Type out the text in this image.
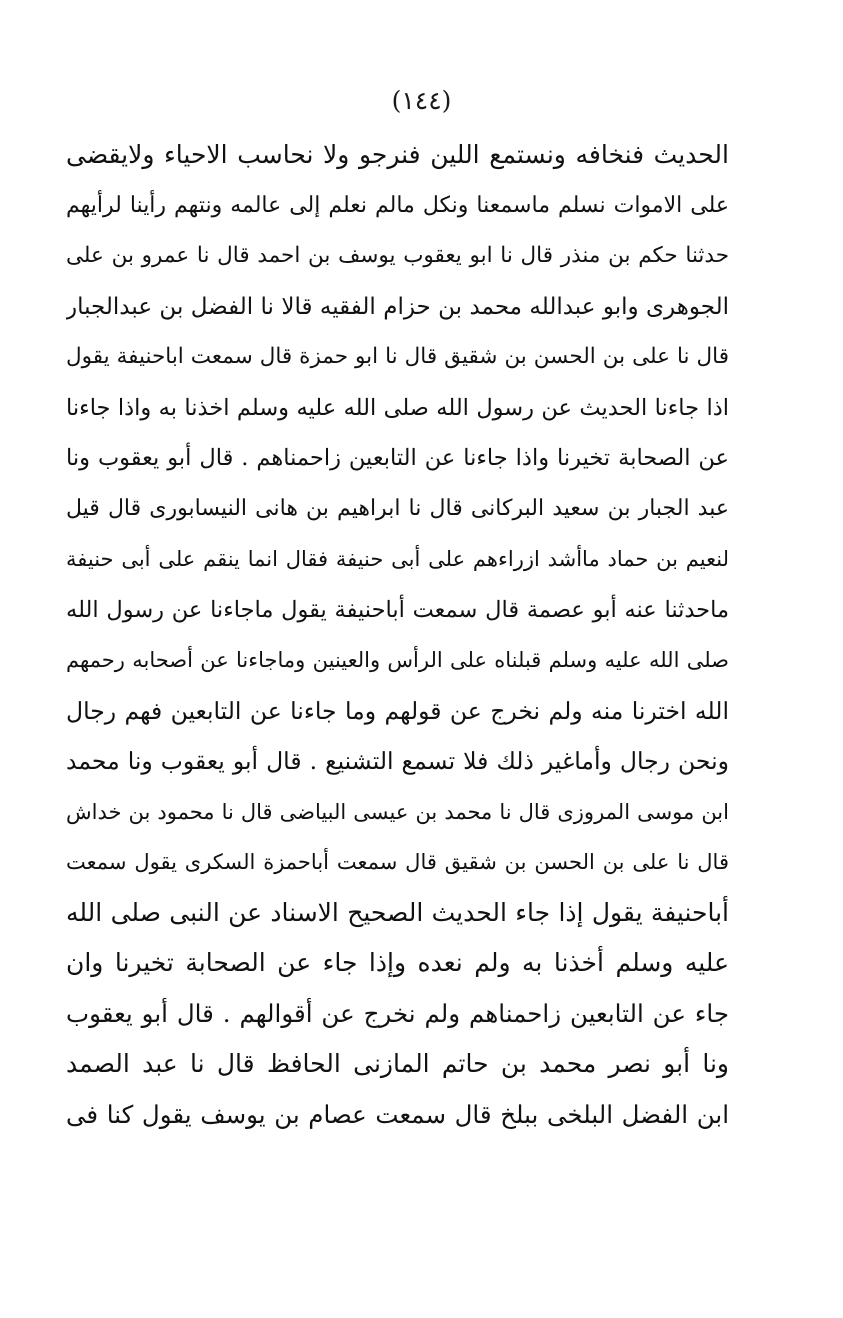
(١٤٤)
الحديث فنخافه ونستمع اللين فنرجو ولا نحاسب الاحياء ولايقضى
على الاموات نسلم ماسمعنا ونكل مالم نعلم إلى عالمه ونتهم رأينا لرأيهم
حدثنا حكم بن منذر قال نا ابو يعقوب يوسف بن احمد قال نا عمرو بن على
الجوهرى وابو عبدالله محمد بن حزام الفقيه قالا نا الفضل بن عبدالجبار
قال نا على بن الحسن بن شقيق قال نا ابو حمزة قال سمعت اباحنيفة يقول
اذا جاءنا الحديث عن رسول الله صلى الله عليه وسلم اخذنا به واذا جاءنا
عن الصحابة تخيرنا واذا جاءنا عن التابعين زاحمناهم . قال أبو يعقوب ونا
عبد الجبار بن سعيد البركانى قال نا ابراهيم بن هانى النيسابورى قال قيل
لنعيم بن حماد ماأشد ازراءهم على أبى حنيفة فقال انما ينقم على أبى حنيفة
ماحدثنا عنه أبو عصمة قال سمعت أباحنيفة يقول ماجاءنا عن رسول الله
صلى الله عليه وسلم قبلناه على الرأس والعينين وماجاءنا عن أصحابه رحمهم
الله اخترنا منه ولم نخرج عن قولهم وما جاءنا عن التابعين فهم رجال
ونحن رجال وأماغير ذلك فلا تسمع التشنيع . قال أبو يعقوب ونا محمد
ابن موسى المروزى قال نا محمد بن عيسى البياضى قال نا محمود بن خداش
قال نا على بن الحسن بن شقيق قال سمعت أباحمزة السكرى يقول سمعت
أباحنيفة يقول إذا جاء الحديث الصحيح الاسناد عن النبى صلى الله
عليه وسلم أخذنا به ولم نعده وإذا جاء عن الصحابة تخيرنا وان
جاء عن التابعين زاحمناهم ولم نخرج عن أقوالهم . قال أبو يعقوب
ونا أبو نصر محمد بن حاتم المازنى الحافظ قال نا عبد الصمد
ابن الفضل البلخى ببلخ قال سمعت عصام بن يوسف يقول كنا فى
